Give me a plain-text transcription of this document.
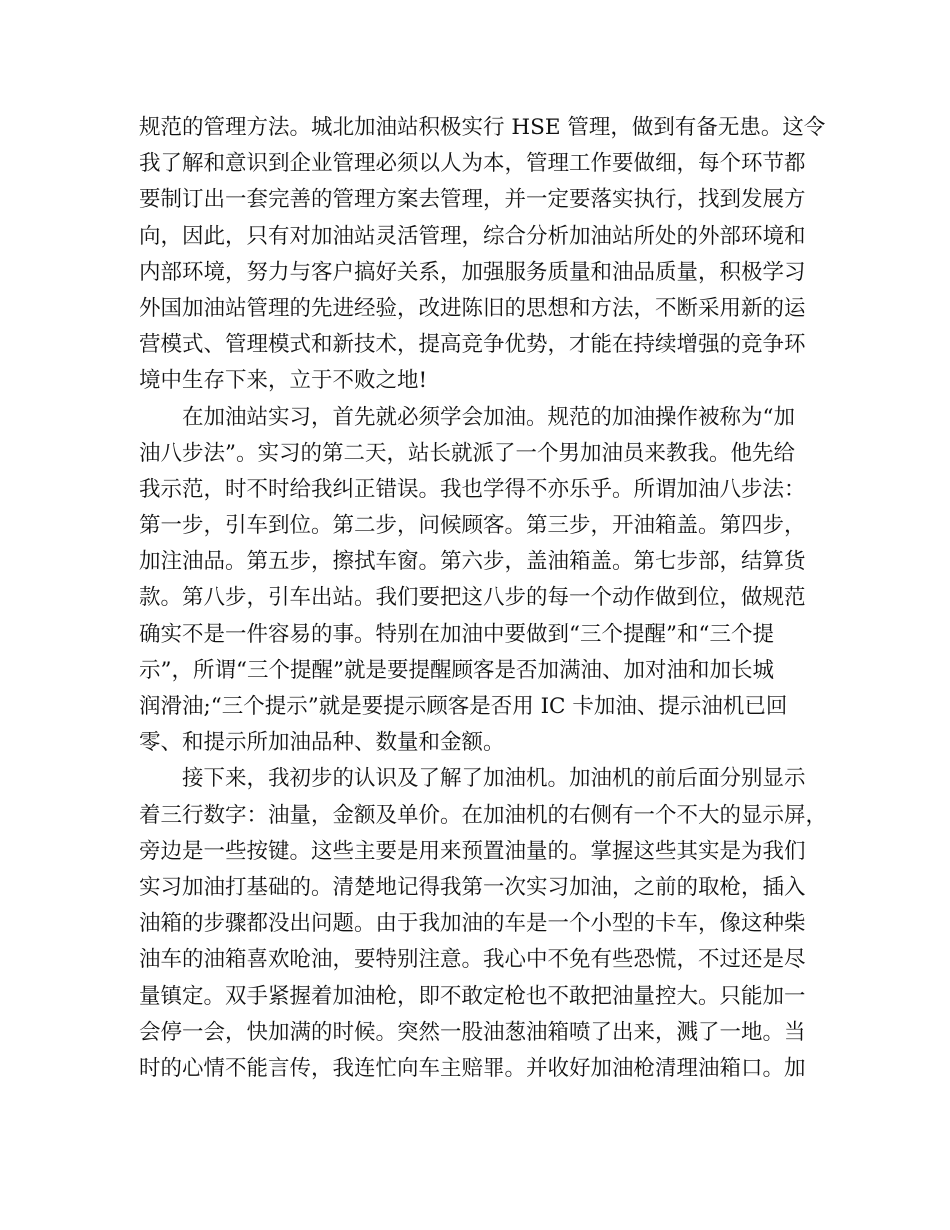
规范的管理方法。城北加油站积极实行 HSE 管理，做到有备无患。这令
我了解和意识到企业管理必须以人为本，管理工作要做细，每个环节都
要制订出一套完善的管理方案去管理，并一定要落实执行，找到发展方
向，因此，只有对加油站灵活管理，综合分析加油站所处的外部环境和
内部环境，努力与客户搞好关系，加强服务质量和油品质量，积极学习
外国加油站管理的先进经验，改进陈旧的思想和方法，不断采用新的运
营模式、管理模式和新技术，提高竞争优势，才能在持续增强的竞争环
境中生存下来，立于不败之地!
　　在加油站实习，首先就必须学会加油。规范的加油操作被称为“加
油八步法”。实习的第二天，站长就派了一个男加油员来教我。他先给
我示范，时不时给我纠正错误。我也学得不亦乐乎。所谓加油八步法：
第一步，引车到位。第二步，问候顾客。第三步，开油箱盖。第四步，
加注油品。第五步，擦拭车窗。第六步，盖油箱盖。第七步部，结算货
款。第八步，引车出站。我们要把这八步的每一个动作做到位，做规范
确实不是一件容易的事。特别在加油中要做到“三个提醒”和“三个提
示”，所谓“三个提醒”就是要提醒顾客是否加满油、加对油和加长城
润滑油;“三个提示”就是要提示顾客是否用 IC 卡加油、提示油机已回
零、和提示所加油品种、数量和金额。
　　接下来，我初步的认识及了解了加油机。加油机的前后面分别显示
着三行数字：油量，金额及单价。在加油机的右侧有一个不大的显示屏，
旁边是一些按键。这些主要是用来预置油量的。掌握这些其实是为我们
实习加油打基础的。清楚地记得我第一次实习加油，之前的取枪，插入
油箱的步骤都没出问题。由于我加油的车是一个小型的卡车，像这种柴
油车的油箱喜欢呛油，要特别注意。我心中不免有些恐慌，不过还是尽
量镇定。双手紧握着加油枪，即不敢定枪也不敢把油量控大。只能加一
会停一会，快加满的时候。突然一股油葱油箱喷了出来，溅了一地。当
时的心情不能言传，我连忙向车主赔罪。并收好加油枪清理油箱口。加
